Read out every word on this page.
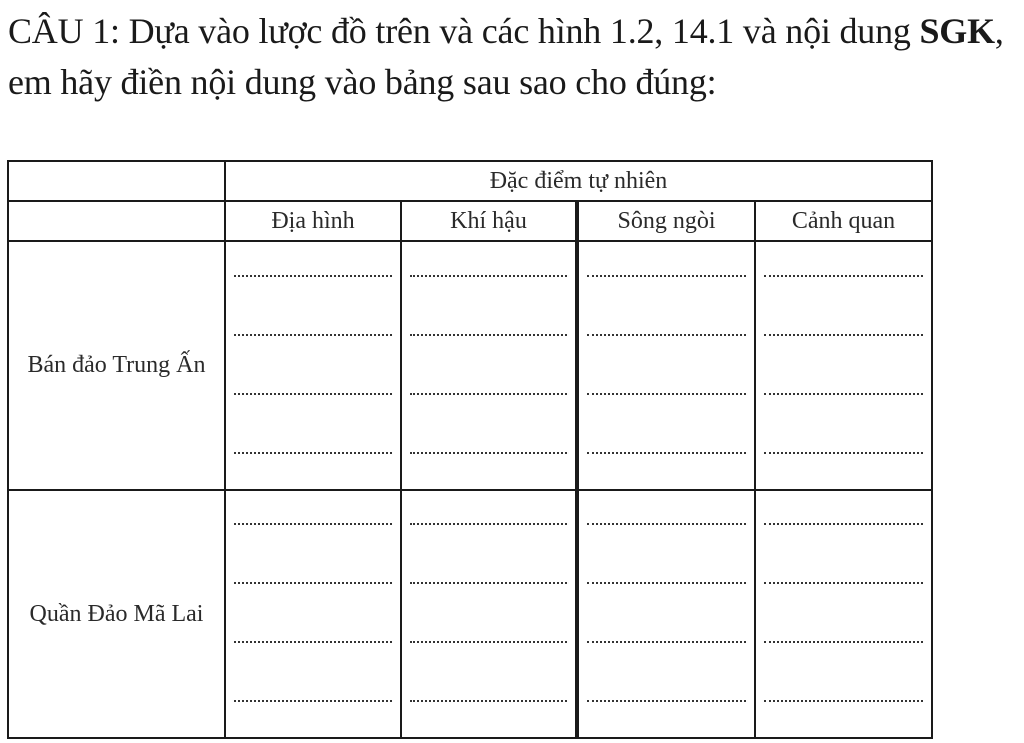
CÂU 1: Dựa vào lược đồ trên và các hình 1.2, 14.1 và nội dung SGK, em hãy điền nội dung vào bảng sau sao cho đúng:
	Đặc điểm tự nhiên			
	Địa hình	Khí hậu	Sông ngòi	Cảnh quan
Bán đảo Trung Ấn	

Quần Đảo Mã Lai	
